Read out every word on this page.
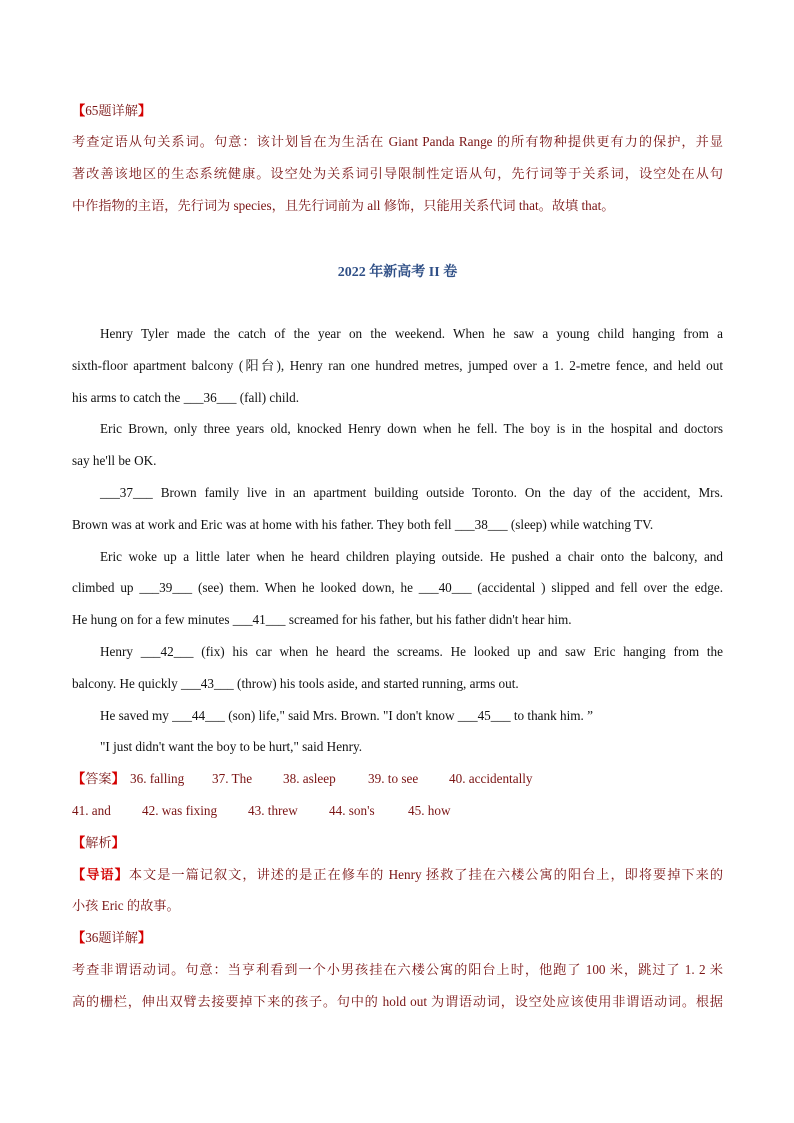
【65题详解】
考查定语从句关系词。句意：该计划旨在为生活在 Giant Panda Range 的所有物种提供更有力的保护，并显
著改善该地区的生态系统健康。设空处为关系词引导限制性定语从句，先行词等于关系词，设空处在从句
中作指物的主语，先行词为 species，且先行词前为 all 修饰，只能用关系代词 that。故填 that。
2022 年新高考 II 卷
Henry Tyler made the catch of the year on the weekend. When he saw a young child hanging from a
sixth-floor apartment balcony (阳台), Henry ran one hundred metres, jumped over a 1. 2-metre fence, and held out
his arms to catch the ___36___ (fall) child.
Eric Brown, only three years old, knocked Henry down when he fell. The boy is in the hospital and doctors
say he'll be OK.
___37___ Brown family live in an apartment building outside Toronto. On the day of the accident, Mrs.
Brown was at work and Eric was at home with his father. They both fell ___38___ (sleep) while watching TV.
Eric woke up a little later when he heard children playing outside. He pushed a chair onto the balcony, and
climbed up ___39___ (see) them. When he looked down, he ___40___ (accidental ) slipped and fell over the edge.
He hung on for a few minutes ___41___ screamed for his father, but his father didn't hear him.
Henry ___42___ (fix) his car when he heard the screams. He looked up and saw Eric hanging from the
balcony. He quickly ___43___ (throw) his tools aside, and started running, arms out.
He saved my ___44___ (son) life," said Mrs. Brown. "I don't know ___45___ to thank him. ”
"I just didn't want the boy to be hurt," said Henry.
【答案】 36. falling 37. The 38. asleep 39. to see 40. accidentally
41. and 42. was fixing 43. threw 44. son's	45. how
【解析】
【导语】本文是一篇记叙文，讲述的是正在修车的 Henry 拯救了挂在六楼公寓的阳台上，即将要掉下来的
小孩 Eric 的故事。
【36题详解】
考查非谓语动词。句意：当亨利看到一个小男孩挂在六楼公寓的阳台上时，他跑了 100 米，跳过了 1. 2 米
高的栅栏，伸出双臂去接要掉下来的孩子。句中的 hold out 为谓语动词，设空处应该使用非谓语动词。根据
